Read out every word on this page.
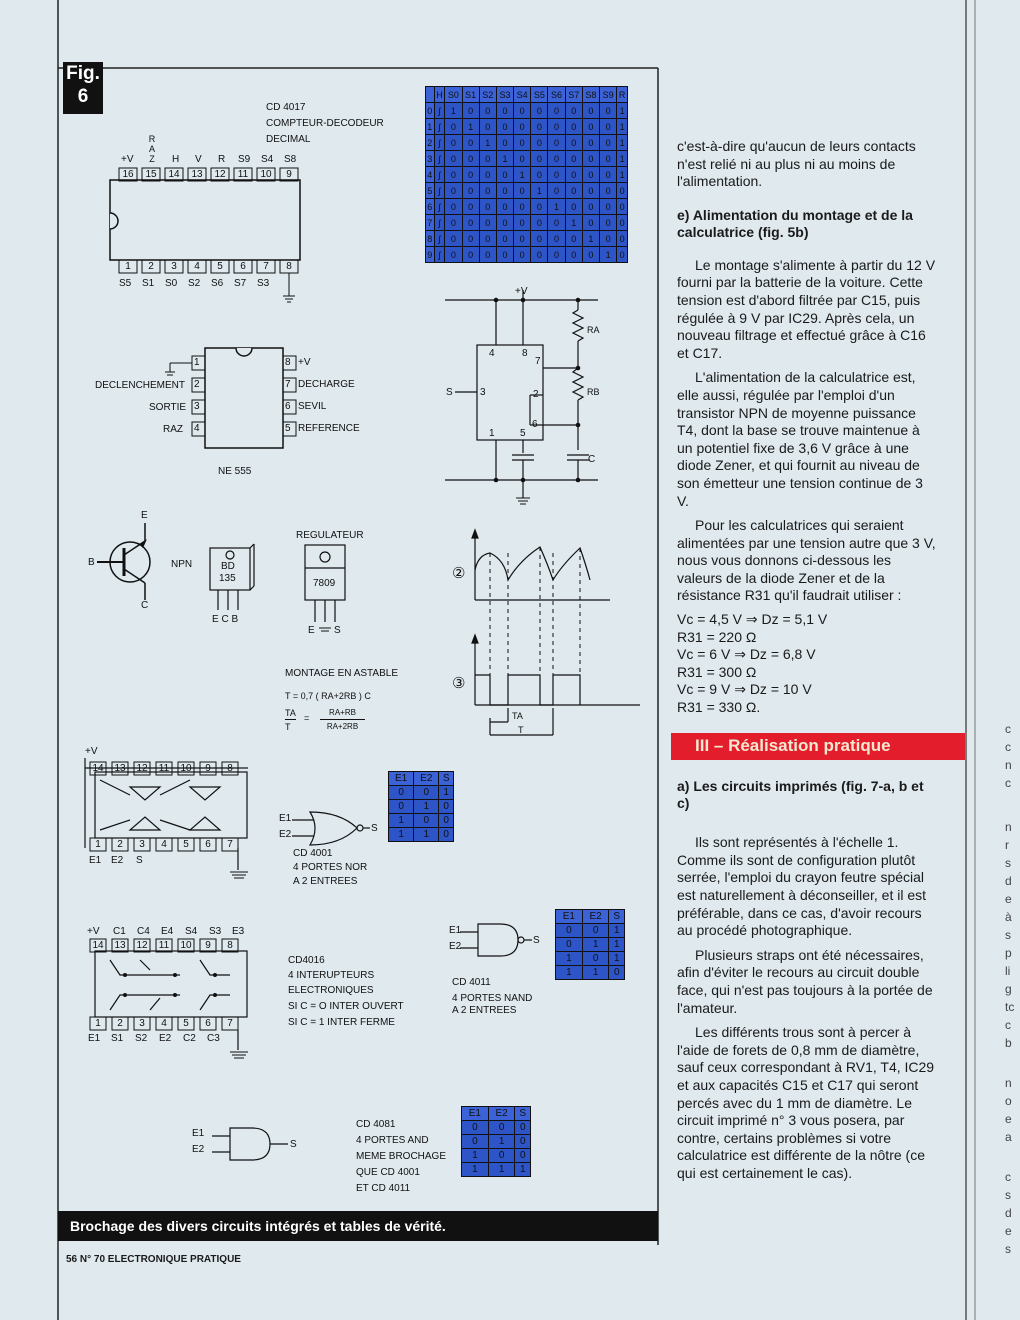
Fig.
6
CD 4017
COMPTEUR-DECODEUR
DECIMAL
+V
R A Z H V R S9 S4 S8
16 15 14 13 12 11 10	9
1	2	3	4	5	6	7	8
S5 S1 S0 S2 S6 S7 S3
	H	S0	S1	S2	S3	S4	S5	S6	S7	S8	S9	R
0	ʃ	1	0	0	0	0	0	0	0	0	0	1
1	ʃ	0	1	0	0	0	0	0	0	0	0	1
2	ʃ	0	0	1	0	0	0	0	0	0	0	1
3	ʃ	0	0	0	1	0	0	0	0	0	0	1
4	ʃ	0	0	0	0	1	0	0	0	0	0	1
5	ʃ	0	0	0	0	0	1	0	0	0	0	0
6	ʃ	0	0	0	0	0	0	1	0	0	0	0
7	ʃ	0	0	0	0	0	0	0	1	0	0	0
8	ʃ	0	0	0	0	0	0	0	0	1	0	0
9	ʃ	0	0	0	0	0	0	0	0	0	1	0
1
2
3
4
8
7
6
5
DECLENCHEMENT
SORTIE
RAZ
+V
DECHARGE
SEVIL
REFERENCE
NE 555
+V
RA
RB
C
S
4	8
7
2
3
6
1	5
②
③
TA
T
MONTAGE EN ASTABLE
T = 0,7 ( RA+2RB ) C
TA
T
=
RA+RB
RA+2RB
E
B
C
NPN	BD
135
E C B
REGULATEUR
7809
E S
+V
14 13 12 11 10	9	8
1	2	3	4	5	6	7
E1 E2 S
E1
E2
S
CD 4001
4 PORTES NOR
A 2 ENTREES
E1	E2	S
0	0	1
0	1	0
1	0	0
1	1	0
+V C1 C4 E4 S4 S3 E3
14 13 12 11 10	9	8
1	2	3	4	5	6	7
E1 S1 S2 E2 C2 C3
CD4016
4 INTERUPTEURS
ELECTRONIQUES
SI C = O INTER OUVERT
SI C = 1 INTER FERME
E1
E2
S
CD 4011
4 PORTES NAND
A 2 ENTREES
E1	E2	S
0	0	1
0	1	1
1	0	1
1	1	0
E1
E2	S
CD 4081
4 PORTES AND
MEME BROCHAGE
QUE CD 4001
ET CD 4011
E1	E2	S
0	0	0
0	1	0
1	0	0
1	1	1
Brochage des divers circuits intégrés et tables de vérité.
56 N° 70 ELECTRONIQUE PRATIQUE

c'est-à-dire qu'aucun de leurs contacts n'est relié ni au plus ni au moins de l'alimentation.

e) Alimentation du montage et de la calculatrice (fig. 5b)

Le montage s'alimente à partir du 12 V fourni par la batterie de la voiture. Cette tension est d'abord filtrée par C15, puis régulée à 9 V par IC29. Après cela, un nouveau filtrage et effectué grâce à C16 et C17.

L'alimentation de la calculatrice est, elle aussi, régulée par l'emploi d'un transistor NPN de moyenne puissance T4, dont la base se trouve maintenue à un potentiel fixe de 3,6 V grâce à une diode Zener, et qui fournit au niveau de son émetteur une tension continue de 3 V.

Pour les calculatrices qui seraient alimentées par une tension autre que 3 V, nous vous donnons ci-dessous les valeurs de la diode Zener et de la résistance R31 qu'il faudrait utiliser :

Vc = 4,5 V ⇒ Dz = 5,1 V
R31 = 220 Ω
Vc = 6 V ⇒ Dz = 6,8 V
R31 = 300 Ω
Vc = 9 V ⇒ Dz = 10 V
R31 = 330 Ω.
III – Réalisation pratique
a) Les circuits imprimés (fig. 7-a, b et c)

Ils sont représentés à l'échelle 1. Comme ils sont de configuration plutôt serrée, l'emploi du crayon feutre spécial est naturellement à déconseiller, et il est préférable, dans ce cas, d'avoir recours au procédé photographique.

Plusieurs straps ont été nécessaires, afin d'éviter le recours au circuit double face, qui n'est pas toujours à la portée de l'amateur.

Les différents trous sont à percer à l'aide de forets de 0,8 mm de diamètre, sauf ceux correspondant à RV1, T4, IC29 et aux capacités C15 et C17 qui seront percés avec du 1 mm de diamètre. Le circuit imprimé n° 3 vous posera, par contre, certains problèmes si votre calculatrice est différente de la nôtre (ce qui est certainement le cas).

c
c
n
c
n
r
s
d
e
à
s
p
li
g
tc
c
b
n
o
e
a
c
s
d
e
s
